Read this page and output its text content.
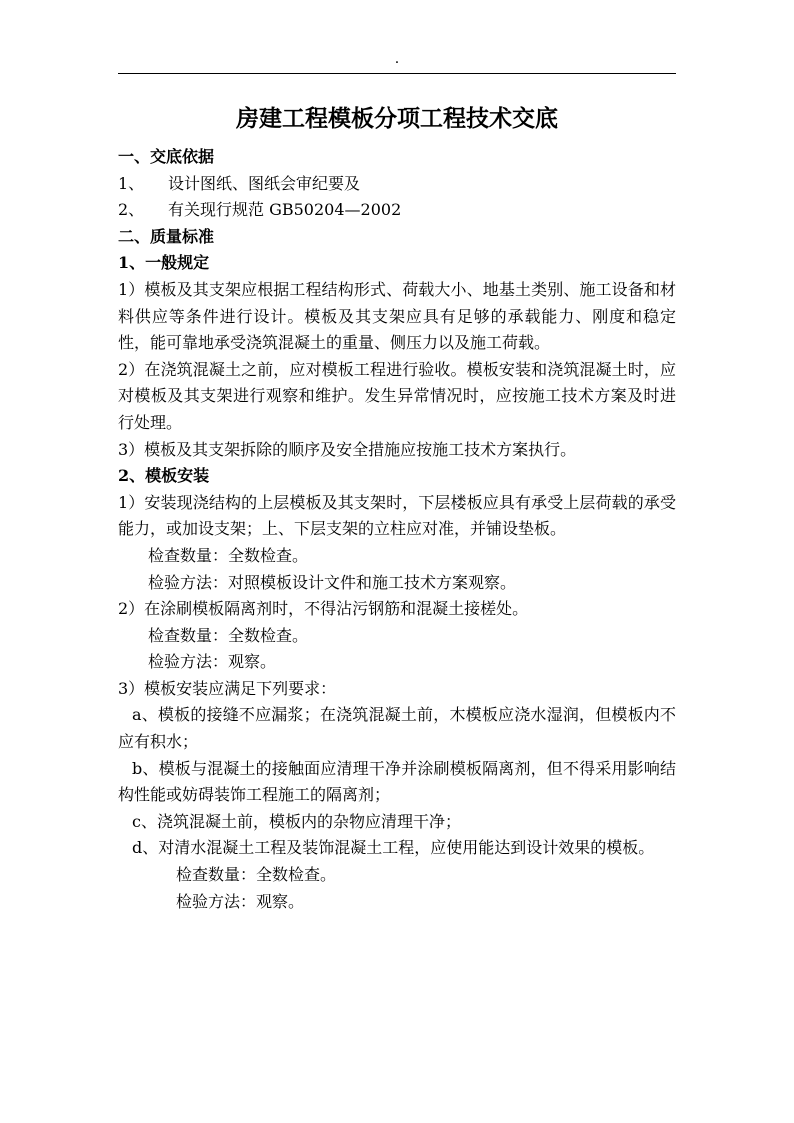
.
房建工程模板分项工程技术交底

一、交底依据

1、 设计图纸、图纸会审纪要及

2、 有关现行规范 GB50204—2002

二、质量标准

1、一般规定

1）模板及其支架应根据工程结构形式、荷载大小、地基土类别、施工设备和材料供应等条件进行设计。模板及其支架应具有足够的承载能力、刚度和稳定性，能可靠地承受浇筑混凝土的重量、侧压力以及施工荷载。

2）在浇筑混凝土之前，应对模板工程进行验收。模板安装和浇筑混凝土时，应对模板及其支架进行观察和维护。发生异常情况时，应按施工技术方案及时进行处理。

3）模板及其支架拆除的顺序及安全措施应按施工技术方案执行。

2、模板安装

1）安装现浇结构的上层模板及其支架时，下层楼板应具有承受上层荷载的承受能力，或加设支架；上、下层支架的立柱应对准，并铺设垫板。

检查数量：全数检查。

检验方法：对照模板设计文件和施工技术方案观察。

2）在涂刷模板隔离剂时，不得沾污钢筋和混凝土接槎处。

检查数量：全数检查。

检验方法：观察。

3）模板安装应满足下列要求：

a、模板的接缝不应漏浆；在浇筑混凝土前，木模板应浇水湿润，但模板内不应有积水；

b、模板与混凝土的接触面应清理干净并涂刷模板隔离剂，但不得采用影响结构性能或妨碍装饰工程施工的隔离剂；

c、浇筑混凝土前，模板内的杂物应清理干净；

d、对清水混凝土工程及装饰混凝土工程，应使用能达到设计效果的模板。

检查数量：全数检查。

检验方法：观察。
